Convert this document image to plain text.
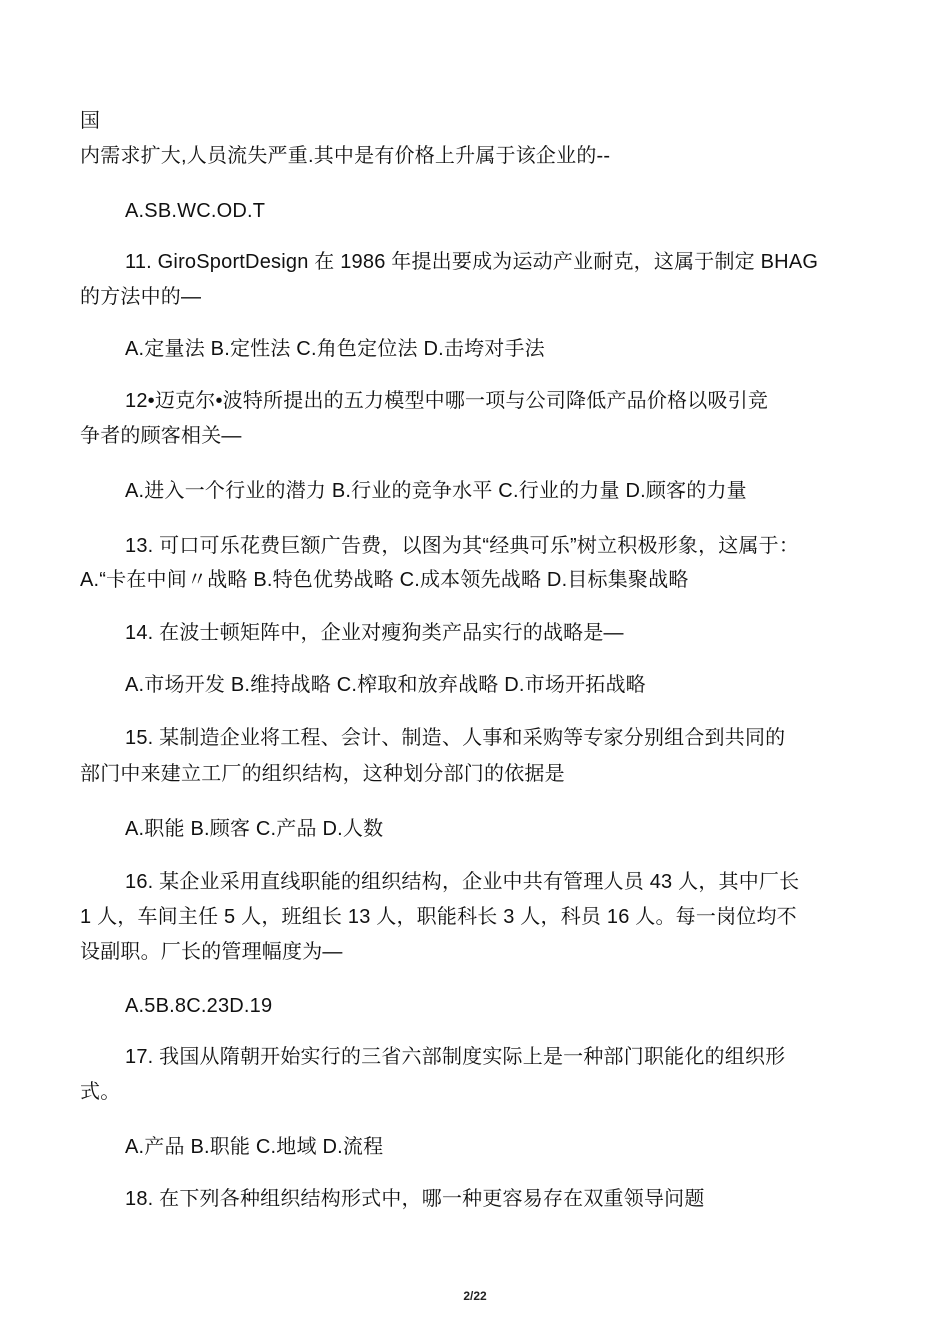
国
内需求扩大,人员流失严重.其中是有价格上升属于该企业的--
A.SB.WC.OD.T
11. GiroSportDesign 在 1986 年提出要成为运动产业耐克，这属于制定 BHAG
的方法中的—
A.定量法 B.定性法 C.角色定位法 D.击垮对手法
12•迈克尔•波特所提出的五力模型中哪一项与公司降低产品价格以吸引竞
争者的顾客相关—
A.进入一个行业的潜力 B.行业的竞争水平 C.行业的力量 D.顾客的力量
13. 可口可乐花费巨额广告费，以图为其“经典可乐”树立积极形象，这属于：
A.“卡在中间〃战略 B.特色优势战略 C.成本领先战略 D.目标集聚战略
14. 在波士顿矩阵中，企业对瘦狗类产品实行的战略是—
A.市场开发 B.维持战略 C.榨取和放弃战略 D.市场开拓战略
15. 某制造企业将工程、会计、制造、人事和采购等专家分别组合到共同的
部门中来建立工厂的组织结构，这种划分部门的依据是
A.职能 B.顾客 C.产品 D.人数
16. 某企业采用直线职能的组织结构，企业中共有管理人员 43 人，其中厂长
1 人，车间主任 5 人，班组长 13 人，职能科长 3 人，科员 16 人。每一岗位均不
设副职。厂长的管理幅度为—
A.5B.8C.23D.19
17. 我国从隋朝开始实行的三省六部制度实际上是一种部门职能化的组织形
式。
A.产品 B.职能 C.地域 D.流程
18. 在下列各种组织结构形式中，哪一种更容易存在双重领导问题
2/22
